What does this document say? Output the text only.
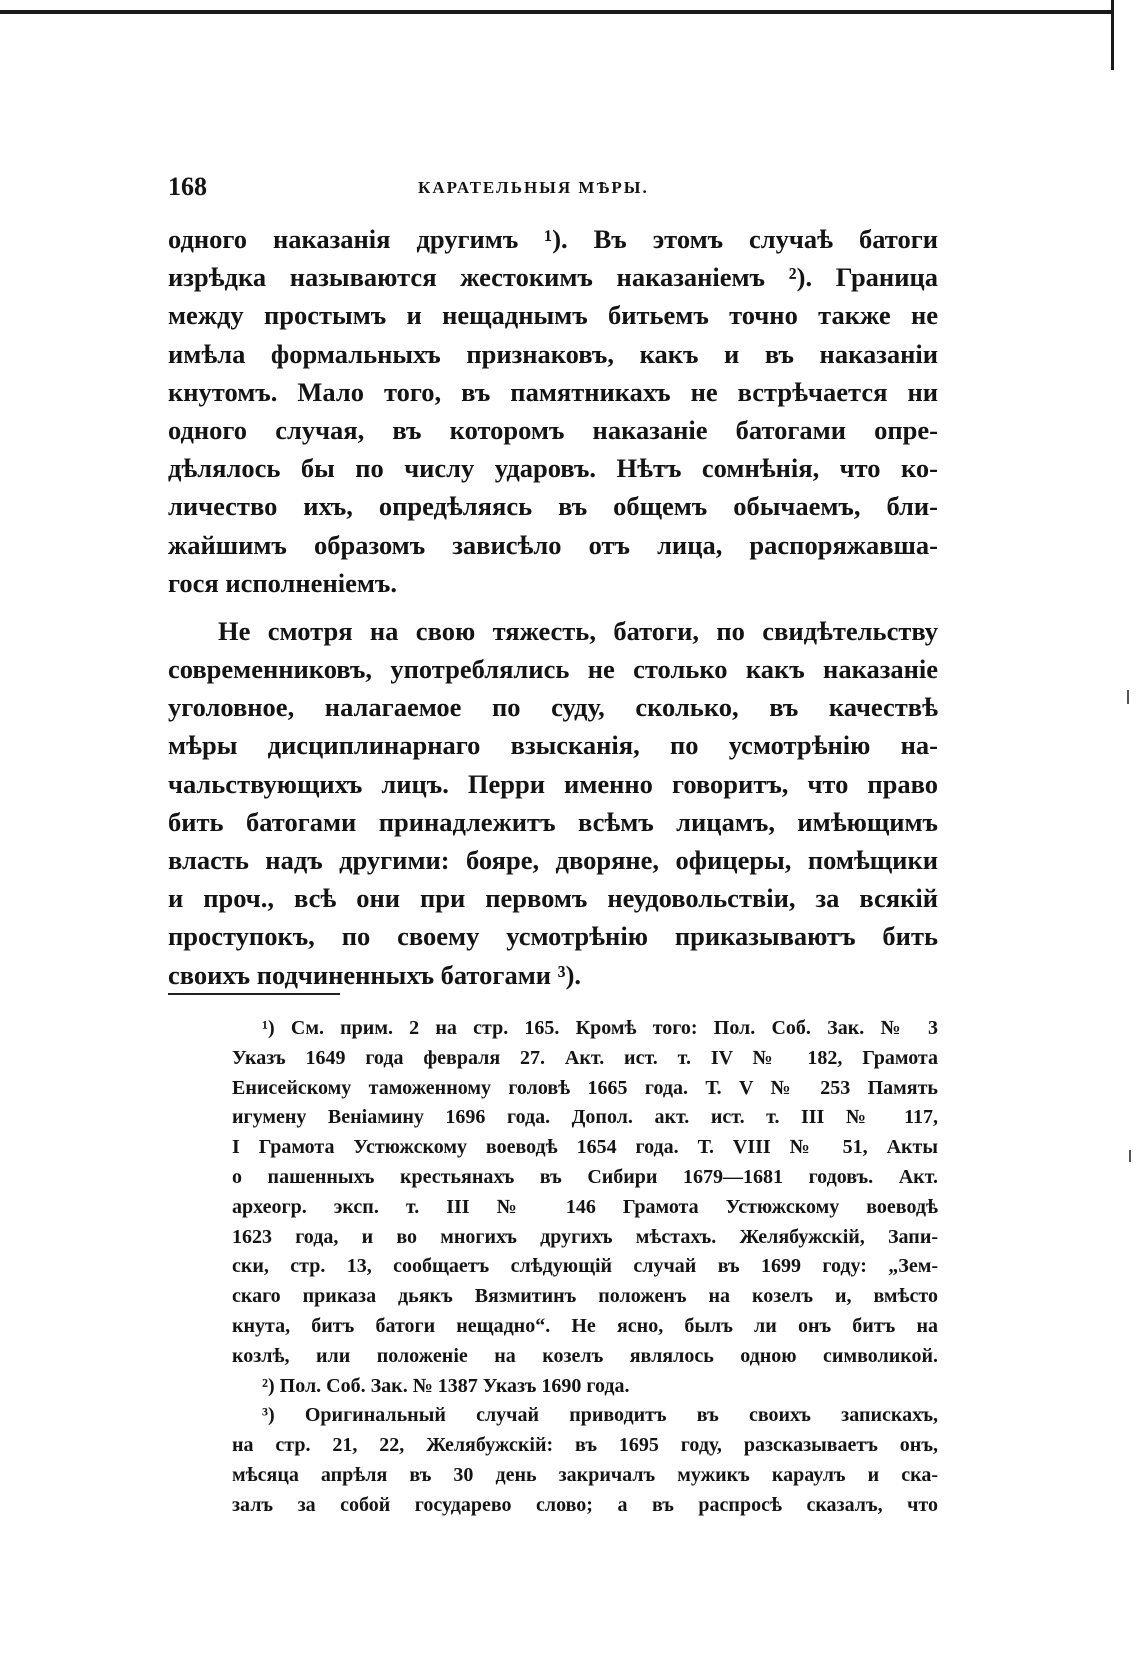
168	КАРАТЕЛЬНЫЯ МѢРЫ.
одного наказанія другимъ ¹). Въ этомъ случаѣ батоги
изрѣдка называются жестокимъ наказаніемъ ²). Граница
между простымъ и нещаднымъ битьемъ точно также не
имѣла формальныхъ признаковъ, какъ и въ наказаніи
кнутомъ. Мало того, въ памятникахъ не встрѣчается ни
одного случая, въ которомъ наказаніе батогами опре-
дѣлялось бы по числу ударовъ. Нѣтъ сомнѣнія, что ко-
личество ихъ, опредѣляясь въ общемъ обычаемъ, бли-
жайшимъ образомъ зависѣло отъ лица, распоряжавша-
гося исполненіемъ.
Не смотря на свою тяжесть, батоги, по свидѣтельству
современниковъ, употреблялись не столько какъ наказаніе
уголовное, налагаемое по суду, сколько, въ качествѣ
мѣры дисциплинарнаго взысканія, по усмотрѣнію на-
чальствующихъ лицъ. Перри именно говоритъ, что право
бить батогами принадлежитъ всѣмъ лицамъ, имѣющимъ
власть надъ другими: бояре, дворяне, офицеры, помѣщики
и проч., всѣ они при первомъ неудовольствіи, за всякій
проступокъ, по своему усмотрѣнію приказываютъ бить
своихъ подчиненныхъ батогами ³).
¹) См. прим. 2 на стр. 165. Кромѣ того: Пол. Соб. Зак. № 3
Указъ 1649 года февраля 27. Акт. ист. т. IV № 182, Грамота
Енисейскому таможенному головѣ 1665 года. Т. V № 253 Память
игумену Веніамину 1696 года. Допол. акт. ист. т. III № 117,
I Грамота Устюжскому воеводѣ 1654 года. Т. VIII № 51, Акты
о пашенныхъ крестьянахъ въ Сибири 1679—1681 годовъ. Акт.
археогр. эксп. т. III № 146 Грамота Устюжскому воеводѣ
1623 года, и во многихъ другихъ мѣстахъ. Желябужскій, Запи-
ски, стр. 13, сообщаетъ слѣдующій случай въ 1699 году: „Зем-
скаго приказа дьякъ Вязмитинъ положенъ на козелъ и, вмѣсто
кнута, битъ батоги нещадно“. Не ясно, былъ ли онъ битъ на
козлѣ, или положеніе на козелъ являлось одною символикой.
²) Пол. Соб. Зак. № 1387 Указъ 1690 года.
³) Оригинальный случай приводитъ въ своихъ запискахъ,
на стр. 21, 22, Желябужскій: въ 1695 году, разсказываетъ онъ,
мѣсяца апрѣля въ 30 день закричалъ мужикъ караулъ и ска-
залъ за собой государево слово; а въ распросѣ сказалъ, что
